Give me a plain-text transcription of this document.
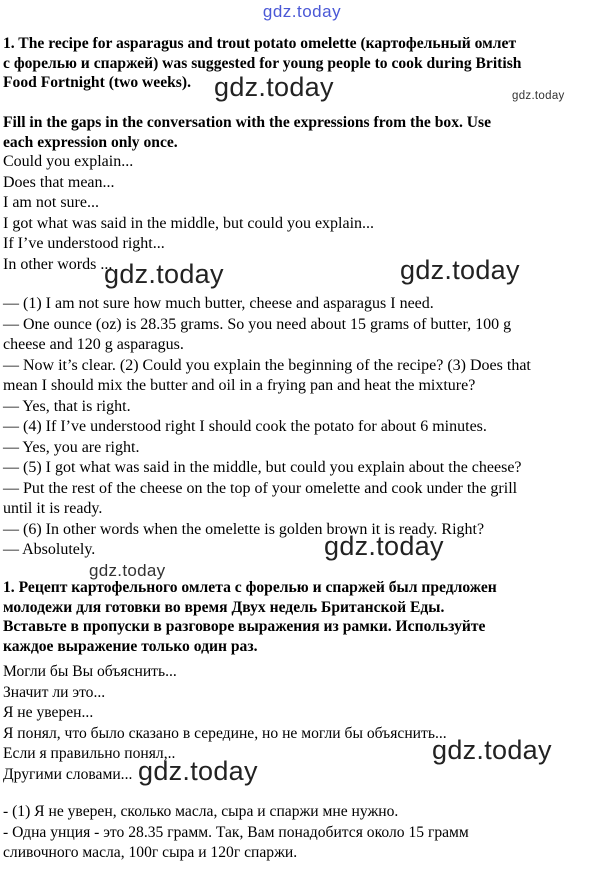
gdz.today

1. The recipe for asparagus and trout potato omelette (картофельный омлет

с форелью и спаржей) was suggested for young people to cook during British

Food Fortnight (two weeks).

Fill in the gaps in the conversation with the expressions from the box. Use

each expression only once.

Could you explain...

Does that mean...

I am not sure...

I got what was said in the middle, but could you explain...

If I’ve understood right...

In other words ...

— (1) I am not sure how much butter, cheese and asparagus I need.

— One ounce (oz) is 28.35 grams. So you need about 15 grams of butter, 100 g

cheese and 120 g asparagus.

— Now it’s clear. (2) Could you explain the beginning of the recipe? (3) Does that

mean I should mix the butter and oil in a frying pan and heat the mixture?

— Yes, that is right.

— (4) If I’ve understood right I should cook the potato for about 6 minutes.

— Yes, you are right.

— (5) I got what was said in the middle, but could you explain about the cheese?

— Put the rest of the cheese on the top of your omelette and cook under the grill

until it is ready.

— (6) In other words when the omelette is golden brown it is ready. Right?

— Absolutely.

1. Рецепт картофельного омлета с форелью и спаржей был предложен

молодежи для готовки во время Двух недель Британской Еды.

Вставьте в пропуски в разговоре выражения из рамки. Используйте

каждое выражение только один раз.

Могли бы Вы объяснить...

Значит ли это...

Я не уверен...

Я понял, что было сказано в середине, но не могли бы объяснить...

Если я правильно понял,..

Другими словами...

- (1) Я не уверен, сколько масла, сыра и спаржи мне нужно.

- Одна унция - это 28.35 грамм. Так, Вам понадобится около 15 грамм

сливочного масла, 100г сыра и 120г спаржи.

gdz.today	gdz.today
gdz.today	gdz.today
gdz.today
gdz.today
gdz.today
gdz.today
